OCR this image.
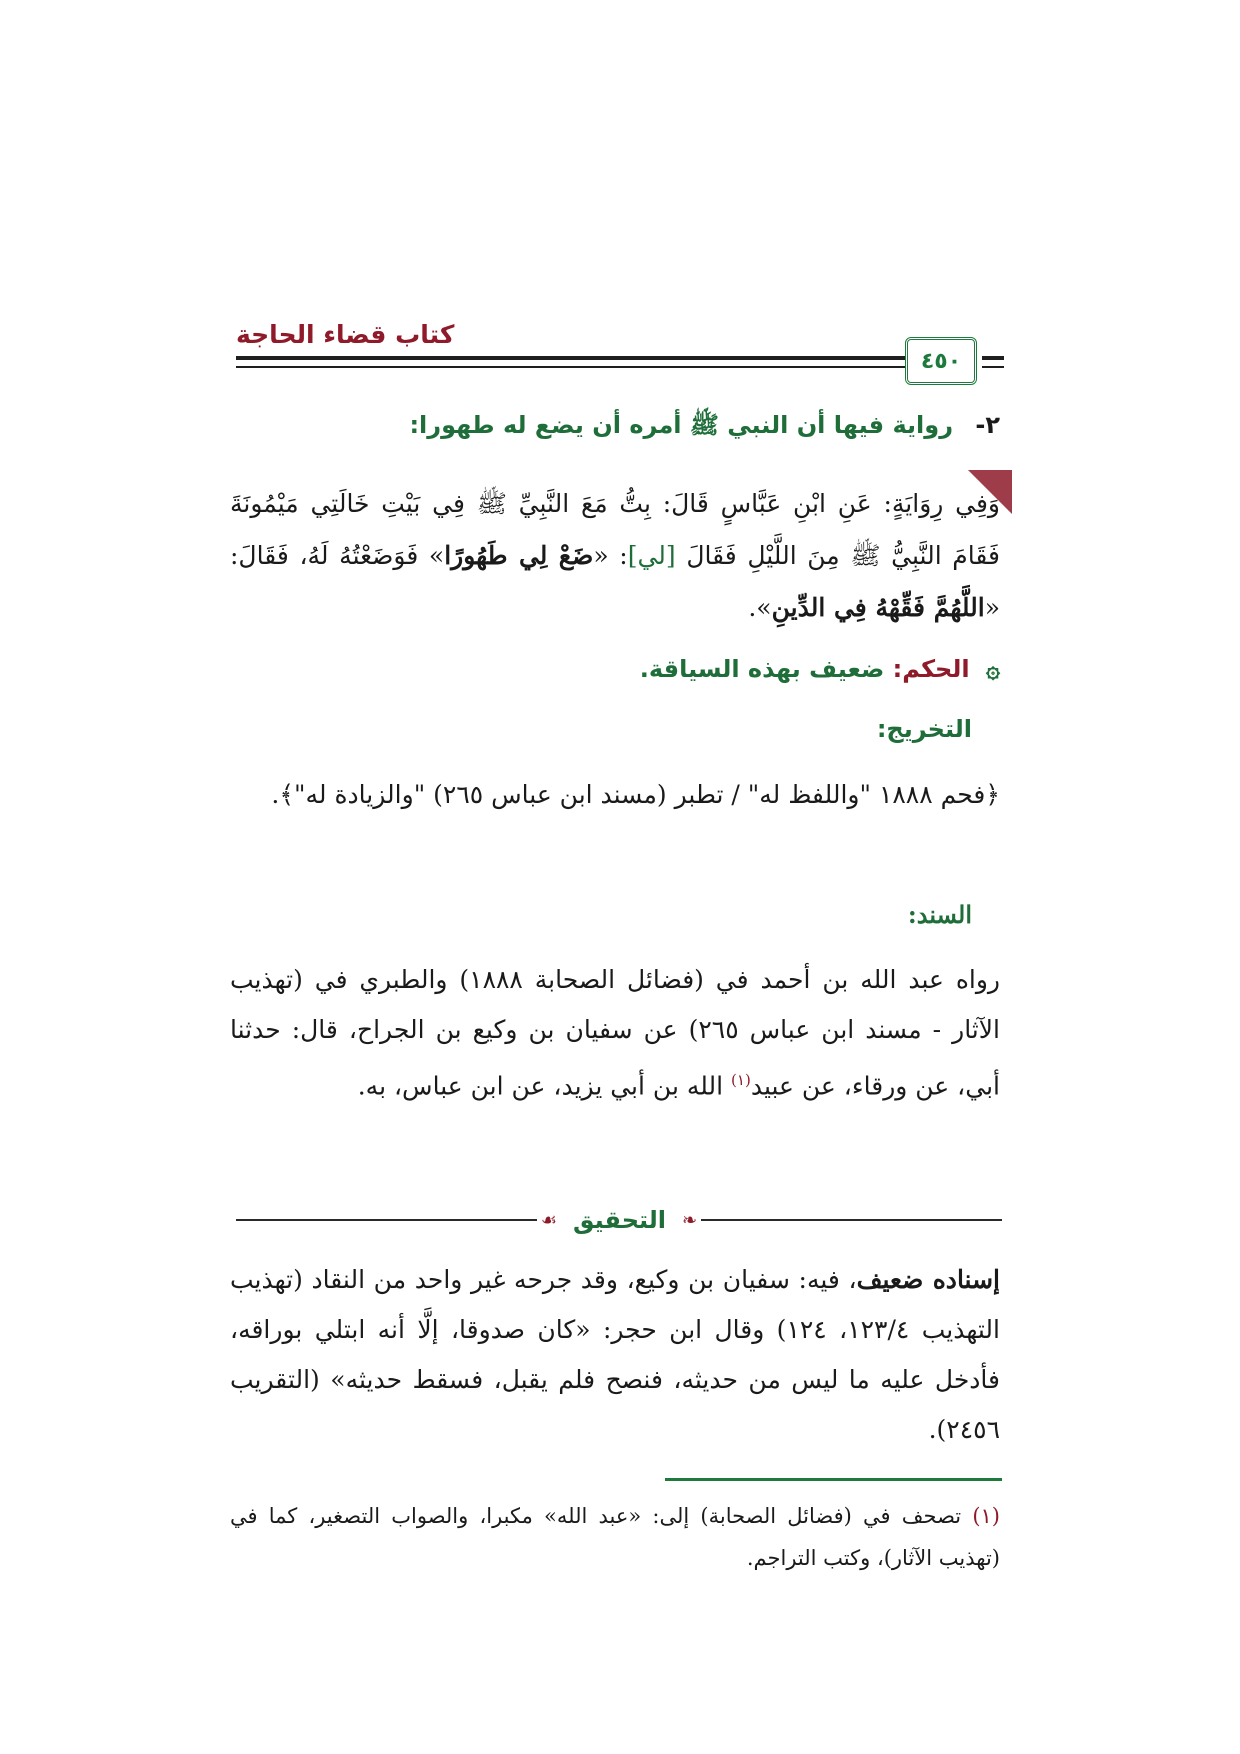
كتاب قضاء الحاجة
٤٥٠
٢- رواية فيها أن النبي ﷺ أمره أن يضع له طهورا:
وَفِي رِوَايَةٍ: عَنِ ابْنِ عَبَّاسٍ قَالَ: بِتُّ مَعَ النَّبِيِّ ﷺ فِي بَيْتِ خَالَتِي مَيْمُونَةَ فَقَامَ النَّبِيُّ ﷺ مِنَ اللَّيْلِ فَقَالَ [لي]: «ضَعْ لِي طَهُورًا» فَوَضَعْتُهُ لَهُ، فَقَالَ: «اللَّهُمَّ فَقِّهْهُ فِي الدِّينِ».
۞ الحكم: ضعيف بهذه السياقة.
التخريج:
﴿فحم ١٨٨٨ "واللفظ له" / تطبر (مسند ابن عباس ٢٦٥) "والزيادة له"﴾.
السند:
رواه عبد الله بن أحمد في (فضائل الصحابة ١٨٨٨) والطبري في (تهذيب الآثار - مسند ابن عباس ٢٦٥) عن سفيان بن وكيع بن الجراح، قال: حدثنا أبي، عن ورقاء، عن عبيد$^{(١)}$ الله بن أبي يزيد، عن ابن عباس، به.
❧
التحقيق
☙
إسناده ضعيف، فيه: سفيان بن وكيع، وقد جرحه غير واحد من النقاد (تهذيب التهذيب ١٢٣/٤، ١٢٤) وقال ابن حجر: «كان صدوقا، إلَّا أنه ابتلي بوراقه، فأدخل عليه ما ليس من حديثه، فنصح فلم يقبل، فسقط حديثه» (التقريب ٢٤٥٦).
(١) تصحف في (فضائل الصحابة) إلى: «عبد الله» مكبرا، والصواب التصغير، كما في (تهذيب الآثار)، وكتب التراجم.
